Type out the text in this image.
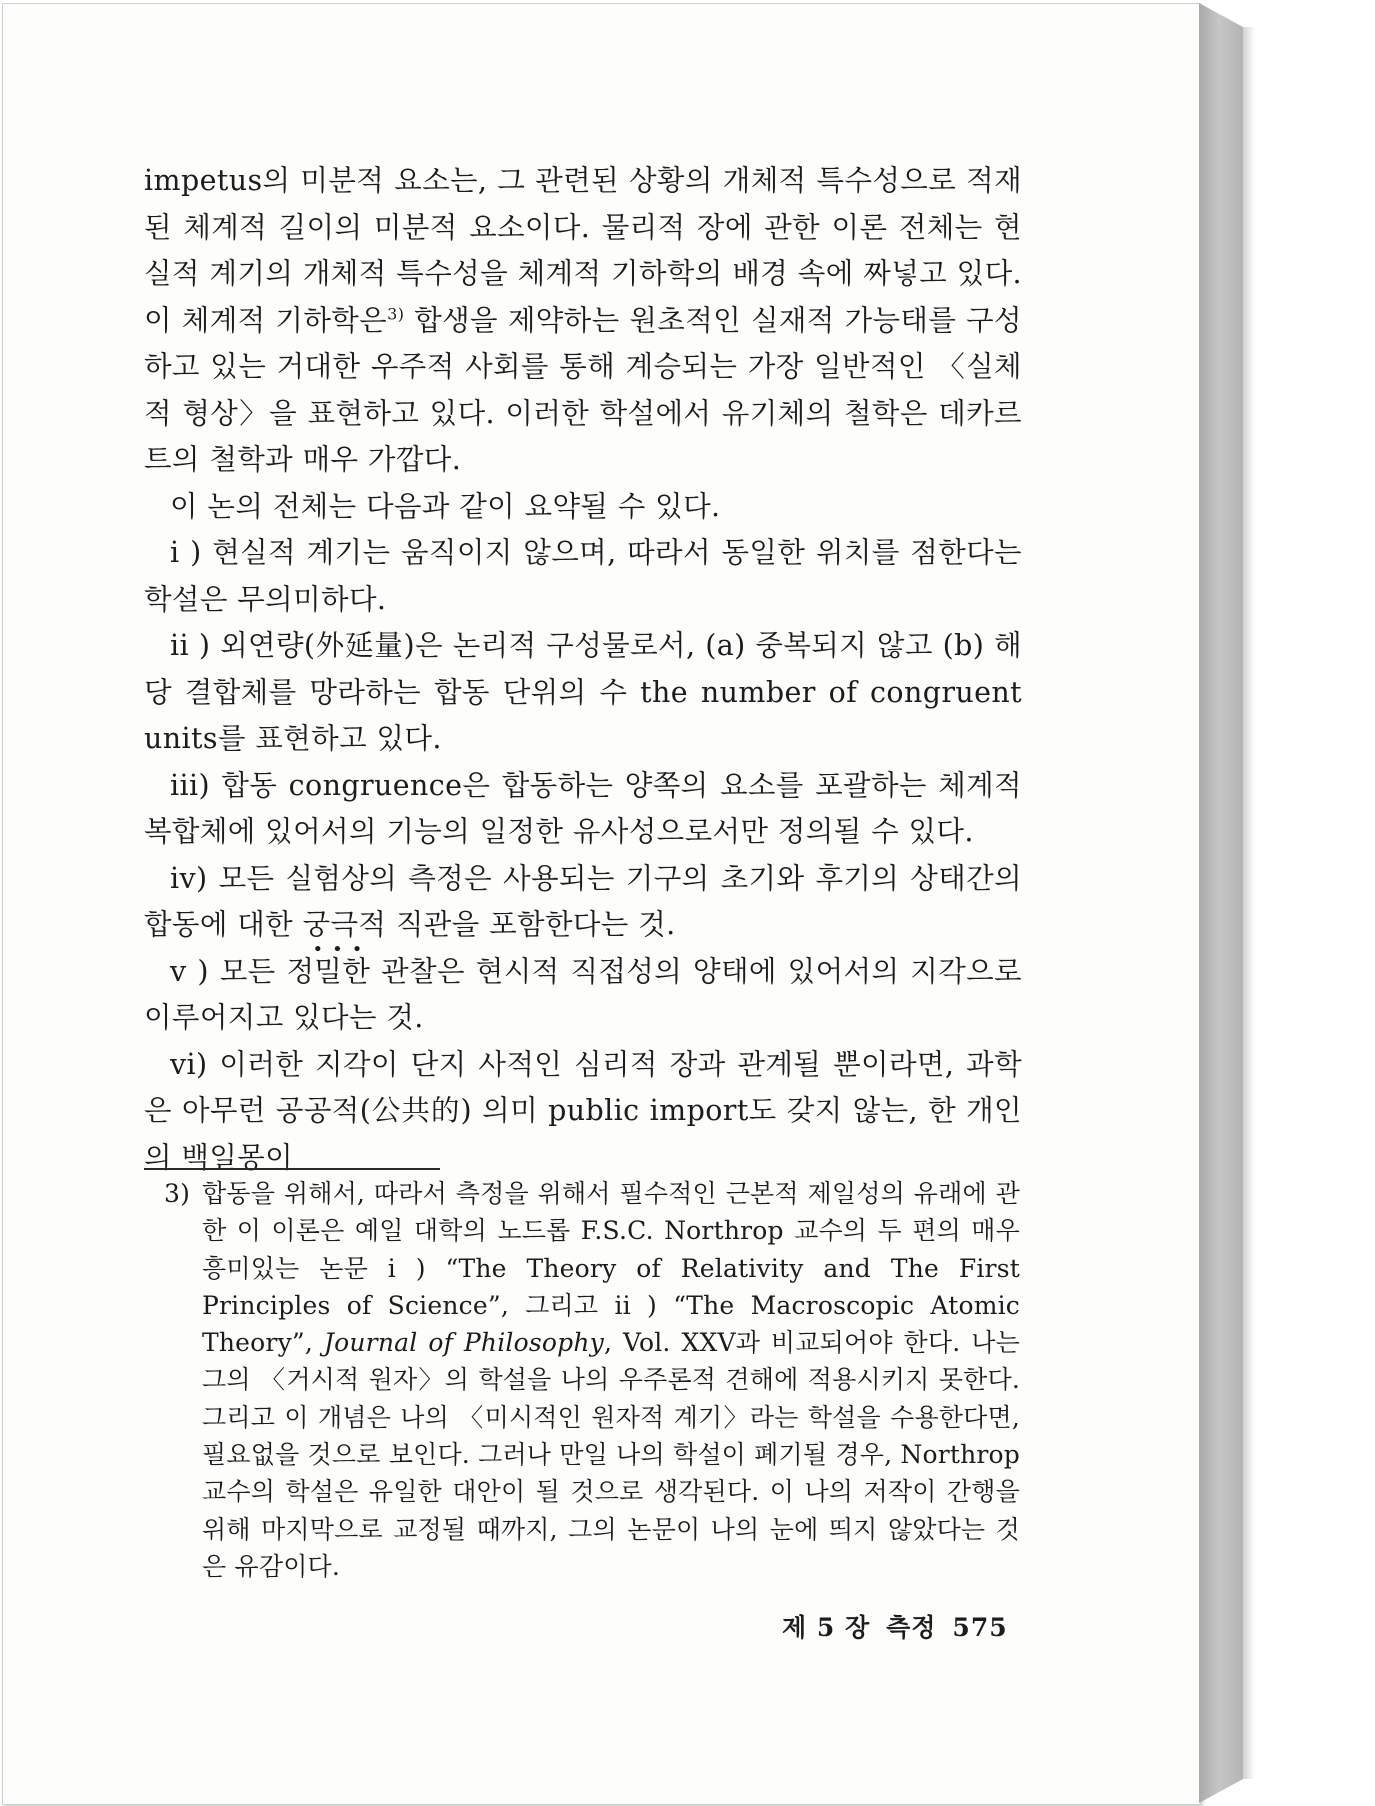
impetus의 미분적 요소는, 그 관련된 상황의 개체적 특수성으로 적재된 체계적 길이의 미분적 요소이다. 물리적 장에 관한 이론 전체는 현실적 계기의 개체적 특수성을 체계적 기하학의 배경 속에 짜넣고 있다. 이 체계적 기하학은$^{3)}$ 합생을 제약하는 원초적인 실재적 가능태를 구성하고 있는 거대한 우주적 사회를 통해 계승되는 가장 일반적인 〈실체적 형상〉을 표현하고 있다. 이러한 학설에서 유기체의 철학은 데카르트의 철학과 매우 가깝다.

이 논의 전체는 다음과 같이 요약될 수 있다.

i ) 현실적 계기는 움직이지 않으며, 따라서 동일한 위치를 점한다는 학설은 무의미하다.

ii ) 외연량(外延量)은 논리적 구성물로서, (a) 중복되지 않고 (b) 해당 결합체를 망라하는 합동 단위의 수 the number of congruent units를 표현하고 있다.

iii) 합동 congruence은 합동하는 양쪽의 요소를 포괄하는 체계적 복합체에 있어서의 기능의 일정한 유사성으로서만 정의될 수 있다.

iv) 모든 실험상의 측정은 사용되는 기구의 초기와 후기의 상태간의 합동에 대한 궁극적 직관을 포함한다는 것.

v ) 모든
•••
정밀한 관찰은 현시적 직접성의 양태에 있어서의 지각으로 이루어지고 있다는 것.

vi) 이러한 지각이 단지 사적인 심리적 장과 관계될 뿐이라면, 과학은 아무런 공공적(公共的) 의미 public import도 갖지 않는, 한 개인의 백일몽이

3) 합동을 위해서, 따라서 측정을 위해서 필수적인 근본적 제일성의 유래에 관한 이 이론은 예일 대학의 노드롭 F.S.C. Northrop 교수의 두 편의 매우 흥미있는 논문 i ) “The Theory of Relativity and The First Principles of Science”, 그리고 ii ) “The Macroscopic Atomic Theory”, Journal of Philosophy, Vol. XXV과 비교되어야 한다. 나는 그의 〈거시적 원자〉의 학설을 나의 우주론적 견해에 적용시키지 못한다. 그리고 이 개념은 나의 〈미시적인 원자적 계기〉라는 학설을 수용한다면, 필요없을 것으로 보인다. 그러나 만일 나의 학설이 폐기될 경우, Northrop 교수의 학설은 유일한 대안이 될 것으로 생각된다. 이 나의 저작이 간행을 위해 마지막으로 교정될 때까지, 그의 논문이 나의 눈에 띄지 않았다는 것은 유감이다.
제 5 장 측정 575
